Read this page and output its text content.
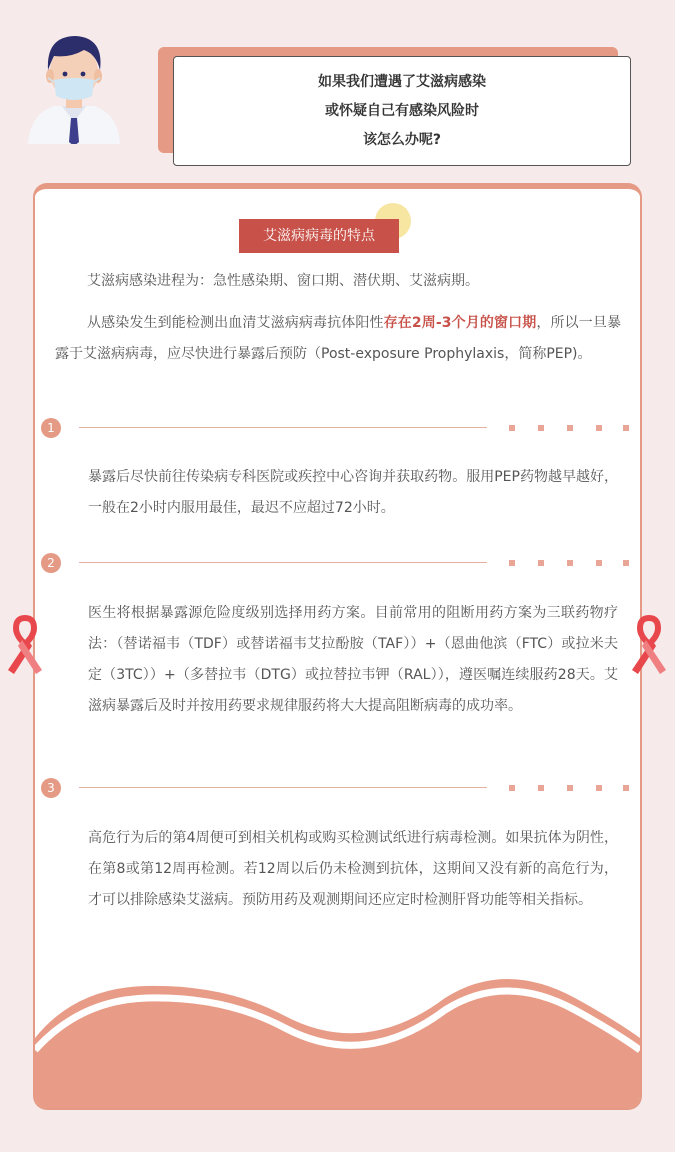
如果我们遭遇了艾滋病感染
或怀疑自己有感染风险时
该怎么办呢?
艾滋病病毒的特点
艾滋病感染进程为：急性感染期、窗口期、潜伏期、艾滋病期。
从感染发生到能检测出血清艾滋病病毒抗体阳性存在2周-3个月的窗口期，所以一旦暴露于艾滋病病毒，应尽快进行暴露后预防（Post-exposure Prophylaxis，简称PEP)。
1
暴露后尽快前往传染病专科医院或疾控中心咨询并获取药物。服用PEP药物越早越好，一般在2小时内服用最佳，最迟不应超过72小时。
2
医生将根据暴露源危险度级别选择用药方案。目前常用的阻断用药方案为三联药物疗法：（替诺福韦（TDF）或替诺福韦艾拉酚胺（TAF））+（恩曲他滨（FTC）或拉米夫定（3TC））+（多替拉韦（DTG）或拉替拉韦钾（RAL）），遵医嘱连续服药28天。艾滋病暴露后及时并按用药要求规律服药将大大提高阻断病毒的成功率。
3
高危行为后的第4周便可到相关机构或购买检测试纸进行病毒检测。如果抗体为阴性，在第8或第12周再检测。若12周以后仍未检测到抗体，这期间又没有新的高危行为，才可以排除感染艾滋病。预防用药及观测期间还应定时检测肝肾功能等相关指标。
